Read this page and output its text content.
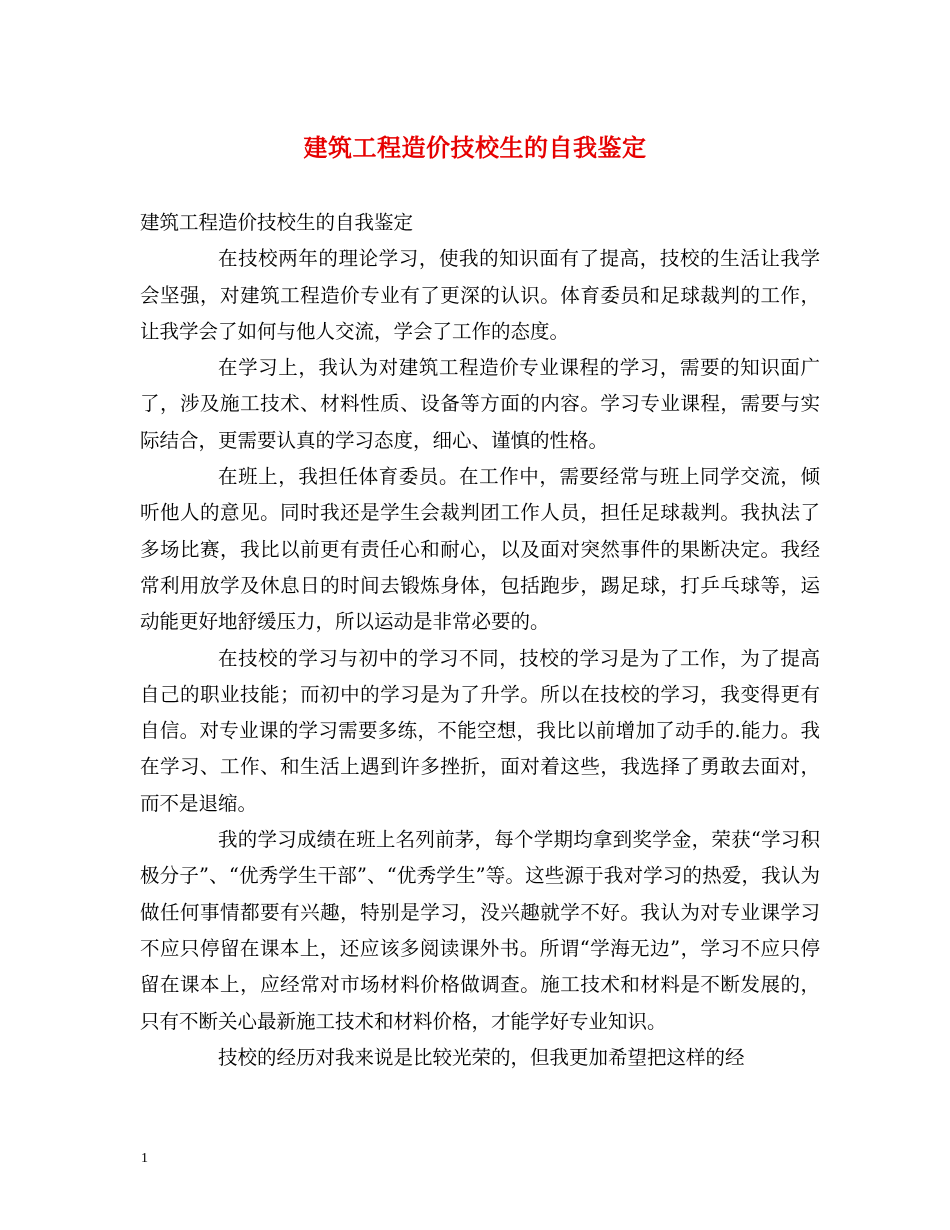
建筑工程造价技校生的自我鉴定

建筑工程造价技校生的自我鉴定

在技校两年的理论学习，使我的知识面有了提高，技校的生活让我学会坚强，对建筑工程造价专业有了更深的认识。体育委员和足球裁判的工作，让我学会了如何与他人交流，学会了工作的态度。

在学习上，我认为对建筑工程造价专业课程的学习，需要的知识面广了，涉及施工技术、材料性质、设备等方面的内容。学习专业课程，需要与实际结合，更需要认真的学习态度，细心、谨慎的性格。

在班上，我担任体育委员。在工作中，需要经常与班上同学交流，倾听他人的意见。同时我还是学生会裁判团工作人员，担任足球裁判。我执法了多场比赛，我比以前更有责任心和耐心，以及面对突然事件的果断决定。我经常利用放学及休息日的时间去锻炼身体，包括跑步，踢足球，打乒乓球等，运动能更好地舒缓压力，所以运动是非常必要的。

在技校的学习与初中的学习不同，技校的学习是为了工作，为了提高自己的职业技能；而初中的学习是为了升学。所以在技校的学习，我变得更有自信。对专业课的学习需要多练，不能空想，我比以前增加了动手的.能力。我在学习、工作、和生活上遇到许多挫折，面对着这些，我选择了勇敢去面对，而不是退缩。

我的学习成绩在班上名列前茅，每个学期均拿到奖学金，荣获“学习积极分子”、“优秀学生干部”、“优秀学生”等。这些源于我对学习的热爱，我认为做任何事情都要有兴趣，特别是学习，没兴趣就学不好。我认为对专业课学习不应只停留在课本上，还应该多阅读课外书。所谓“学海无边”，学习不应只停留在课本上，应经常对市场材料价格做调查。施工技术和材料是不断发展的，只有不断关心最新施工技术和材料价格，才能学好专业知识。

技校的经历对我来说是比较光荣的，但我更加希望把这样的经

1
